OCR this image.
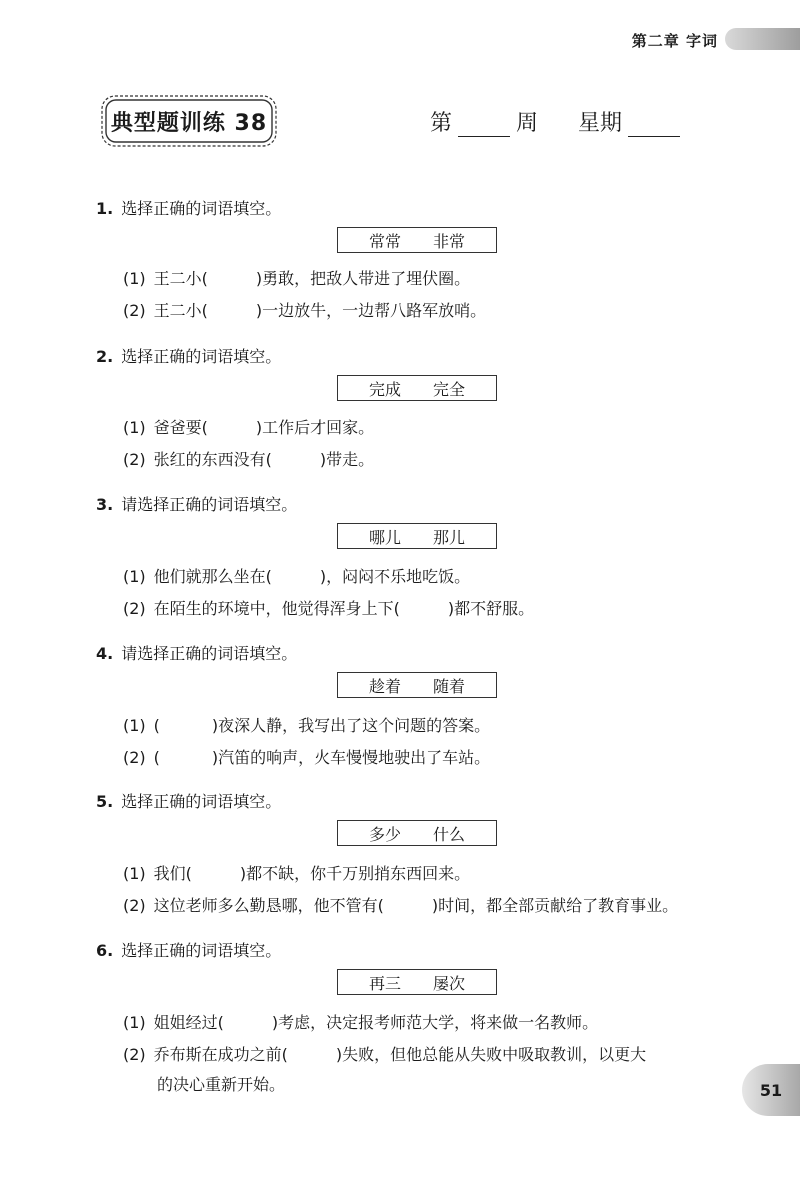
第二章 字词
典型题训练 38	第	周 星期
1. 选择正确的词语填空。
常常 非常
(1) 王二小(	)勇敢，把敌人带进了埋伏圈。
(2) 王二小(	)一边放牛，一边帮八路军放哨。
2. 选择正确的词语填空。
完成 完全
(1) 爸爸要(	)工作后才回家。
(2) 张红的东西没有(	)带走。
3. 请选择正确的词语填空。
哪儿 那儿
(1) 他们就那么坐在(	)，闷闷不乐地吃饭。
(2) 在陌生的环境中，他觉得浑身上下(	)都不舒服。
4. 请选择正确的词语填空。
趁着 随着
(1) (	)夜深人静，我写出了这个问题的答案。
(2) (	)汽笛的响声，火车慢慢地驶出了车站。
5. 选择正确的词语填空。
多少 什么
(1) 我们(	)都不缺，你千万别捎东西回来。
(2) 这位老师多么勤恳哪，他不管有(	)时间，都全部贡献给了教育事业。
6. 选择正确的词语填空。
再三 屡次
(1) 姐姐经过(	)考虑，决定报考师范大学，将来做一名教师。
(2) 乔布斯在成功之前(	)失败，但他总能从失败中吸取教训，以更大
的决心重新开始。	51
